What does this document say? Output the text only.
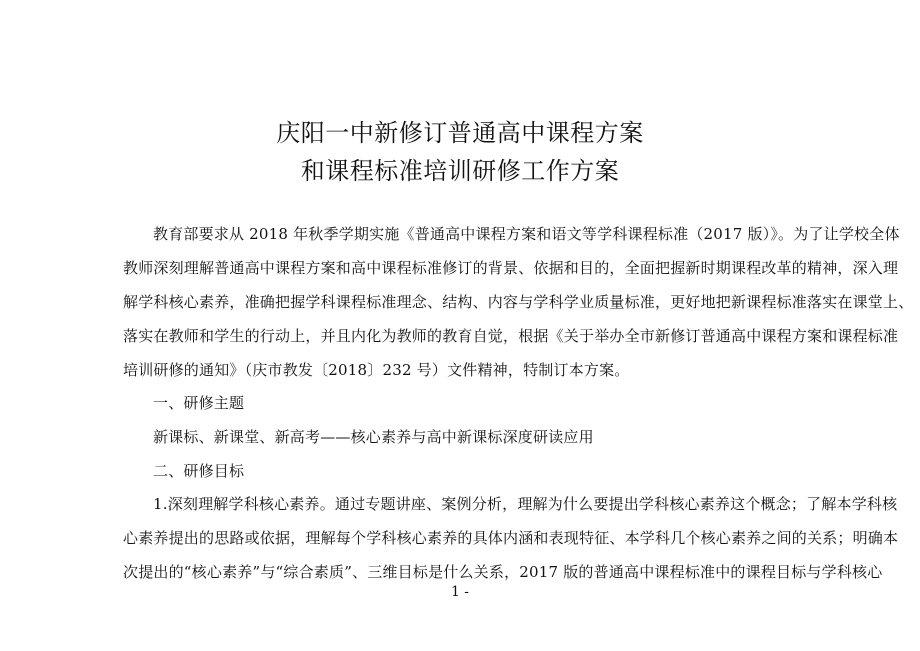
庆阳一中新修订普通高中课程方案
和课程标准培训研修工作方案
教育部要求从 2018 年秋季学期实施《普通高中课程方案和语文等学科课程标准（2017 版）》。为了让学校全体
教师深刻理解普通高中课程方案和高中课程标准修订的背景、依据和目的，全面把握新时期课程改革的精神，深入理
解学科核心素养，准确把握学科课程标准理念、结构、内容与学科学业质量标准，更好地把新课程标准落实在课堂上、
落实在教师和学生的行动上，并且内化为教师的教育自觉，根据《关于举办全市新修订普通高中课程方案和课程标准
培训研修的通知》（庆市教发〔2018〕232 号）文件精神，特制订本方案。
一、研修主题
新课标、新课堂、新高考——核心素养与高中新课标深度研读应用
二、研修目标
1.深刻理解学科核心素养。通过专题讲座、案例分析，理解为什么要提出学科核心素养这个概念；了解本学科核
心素养提出的思路或依据，理解每个学科核心素养的具体内涵和表现特征、本学科几个核心素养之间的关系；明确本
次提出的“核心素养”与“综合素质”、三维目标是什么关系，2017 版的普通高中课程标准中的课程目标与学科核心
1 -
